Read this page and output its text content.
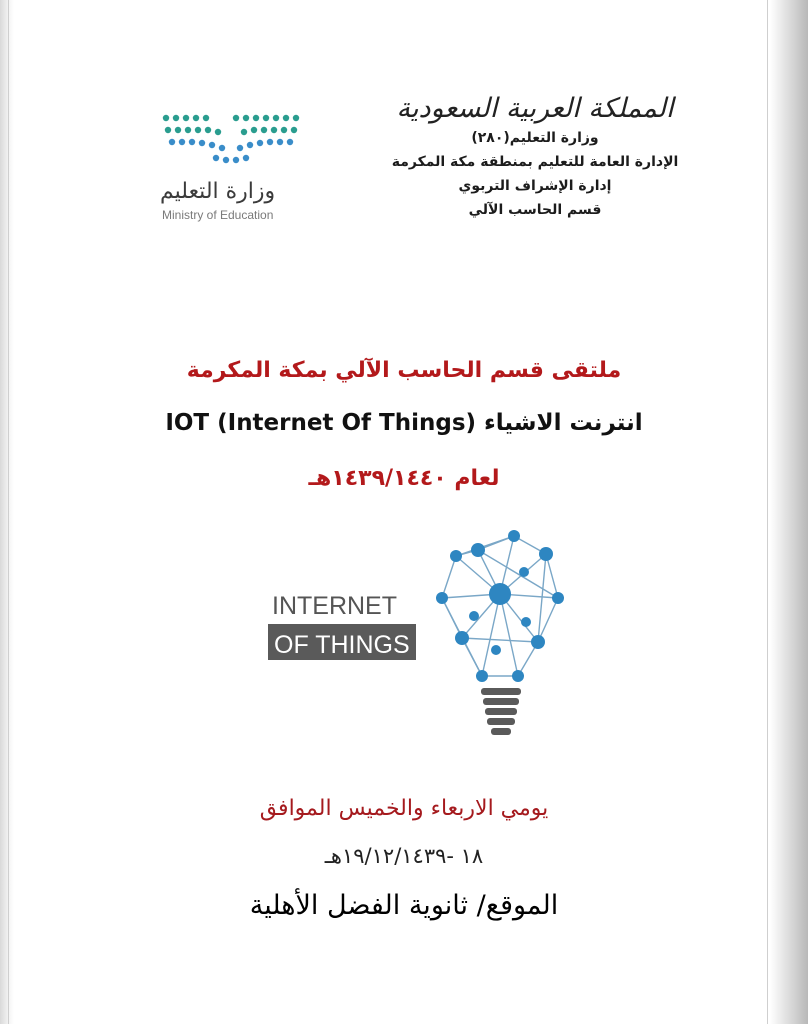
المملكة العربية السعودية
وزارة التعليم(٢٨٠)
الإدارة العامة للتعليم بمنطقة مكة المكرمة
إدارة الإشراف التربوي
قسم الحاسب الآلي
وزارة التعليم
Ministry of Education
ملتقى قسم الحاسب الآلي بمكة المكرمة
انترنت الاشياء IOT (Internet Of Things)
لعام ١٤٣٩/١٤٤٠هـ
INTERNET
OF THINGS
يومي الاربعاء والخميس الموافق
١٨ -١٩/١٢/١٤٣٩هـ
الموقع/ ثانوية الفضل الأهلية
